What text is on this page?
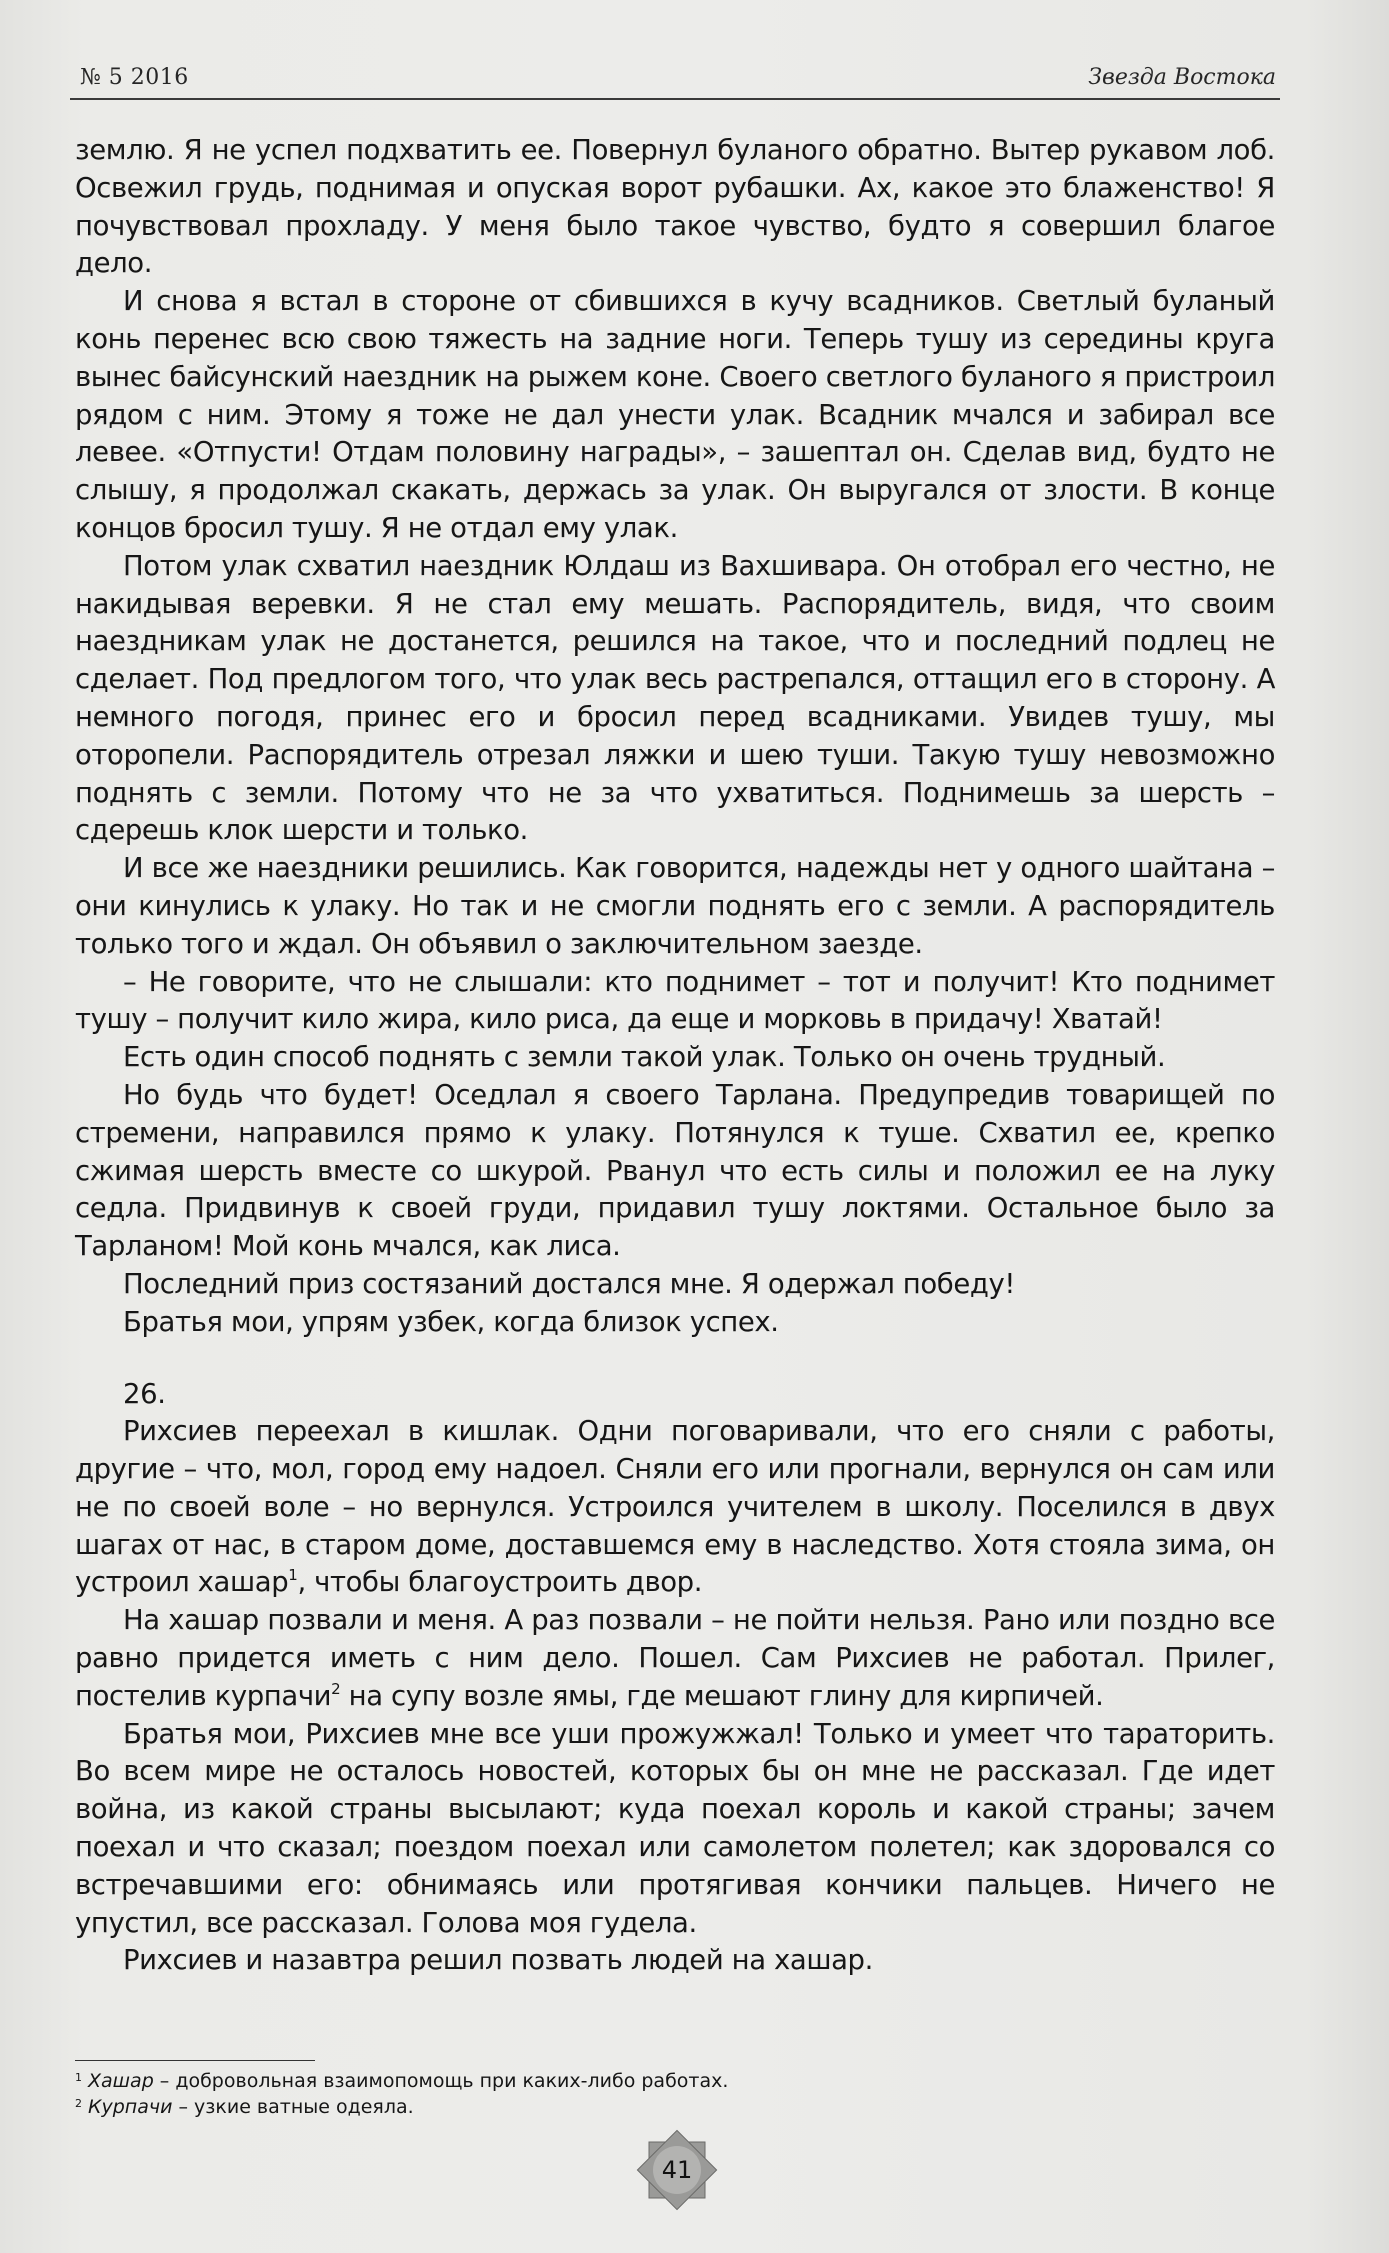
№ 5 2016	Звезда Востока

землю. Я не успел подхватить ее. Повернул буланого обратно. Вытер рукавом лоб. Освежил грудь, поднимая и опуская ворот рубашки. Ах, какое это блаженство! Я почувствовал прохладу. У меня было такое чувство, будто я совершил благое дело.

И снова я встал в стороне от сбившихся в кучу всадников. Светлый буланый конь перенес всю свою тяжесть на задние ноги. Теперь тушу из середины круга вынес байсунский наездник на рыжем коне. Своего светлого буланого я пристроил рядом с ним. Этому я тоже не дал унести улак. Всадник мчался и забирал все левее. «Отпусти! Отдам половину награды», – зашептал он. Сделав вид, будто не слышу, я продолжал скакать, держась за улак. Он выругался от злости. В конце концов бросил тушу. Я не отдал ему улак.

Потом улак схватил наездник Юлдаш из Вахшивара. Он отобрал его честно, не накидывая веревки. Я не стал ему мешать. Распорядитель, видя, что своим наездникам улак не достанется, решился на такое, что и последний подлец не сделает. Под предлогом того, что улак весь растрепался, оттащил его в сторону. А немного погодя, принес его и бросил перед всадниками. Увидев тушу, мы оторопели. Распорядитель отрезал ляжки и шею туши. Такую тушу невозможно поднять с земли. Потому что не за что ухватиться. Поднимешь за шерсть – сдерешь клок шерсти и только.

И все же наездники решились. Как говорится, надежды нет у одного шайтана – они кинулись к улаку. Но так и не смогли поднять его с земли. А распорядитель только того и ждал. Он объявил о заключительном заезде.

– Не говорите, что не слышали: кто поднимет – тот и получит! Кто поднимет тушу – получит кило жира, кило риса, да еще и морковь в придачу! Хватай!

Есть один способ поднять с земли такой улак. Только он очень трудный.

Но будь что будет! Оседлал я своего Тарлана. Предупредив товарищей по стремени, направился прямо к улаку. Потянулся к туше. Схватил ее, крепко сжимая шерсть вместе со шкурой. Рванул что есть силы и положил ее на луку седла. Придвинув к своей груди, придавил тушу локтями. Остальное было за Тарланом! Мой конь мчался, как лиса.

Последний приз состязаний достался мне. Я одержал победу!

Братья мои, упрям узбек, когда близок успех.

26.

Рихсиев переехал в кишлак. Одни поговаривали, что его сняли с работы, другие – что, мол, город ему надоел. Сняли его или прогнали, вернулся он сам или не по своей воле – но вернулся. Устроился учителем в школу. Поселился в двух шагах от нас, в старом доме, доставшемся ему в наследство. Хотя стояла зима, он устроил хашар$^1$, чтобы благоустроить двор.

На хашар позвали и меня. А раз позвали – не пойти нельзя. Рано или поздно все равно придется иметь с ним дело. Пошел. Сам Рихсиев не работал. Прилег, постелив курпачи$^2$ на супу возле ямы, где мешают глину для кирпичей.

Братья мои, Рихсиев мне все уши прожужжал! Только и умеет что тараторить. Во всем мире не осталось новостей, которых бы он мне не рассказал. Где идет война, из какой страны высылают; куда поехал король и какой страны; зачем поехал и что сказал; поездом поехал или самолетом полетел; как здоровался со встречавшими его: обнимаясь или протягивая кончики пальцев. Ничего не упустил, все рассказал. Голова моя гудела.

Рихсиев и назавтра решил позвать людей на хашар.

$^1$ Хашар – добровольная взаимопомощь при каких-либо работах.
$^2$ Курпачи – узкие ватные одеяла.
41
